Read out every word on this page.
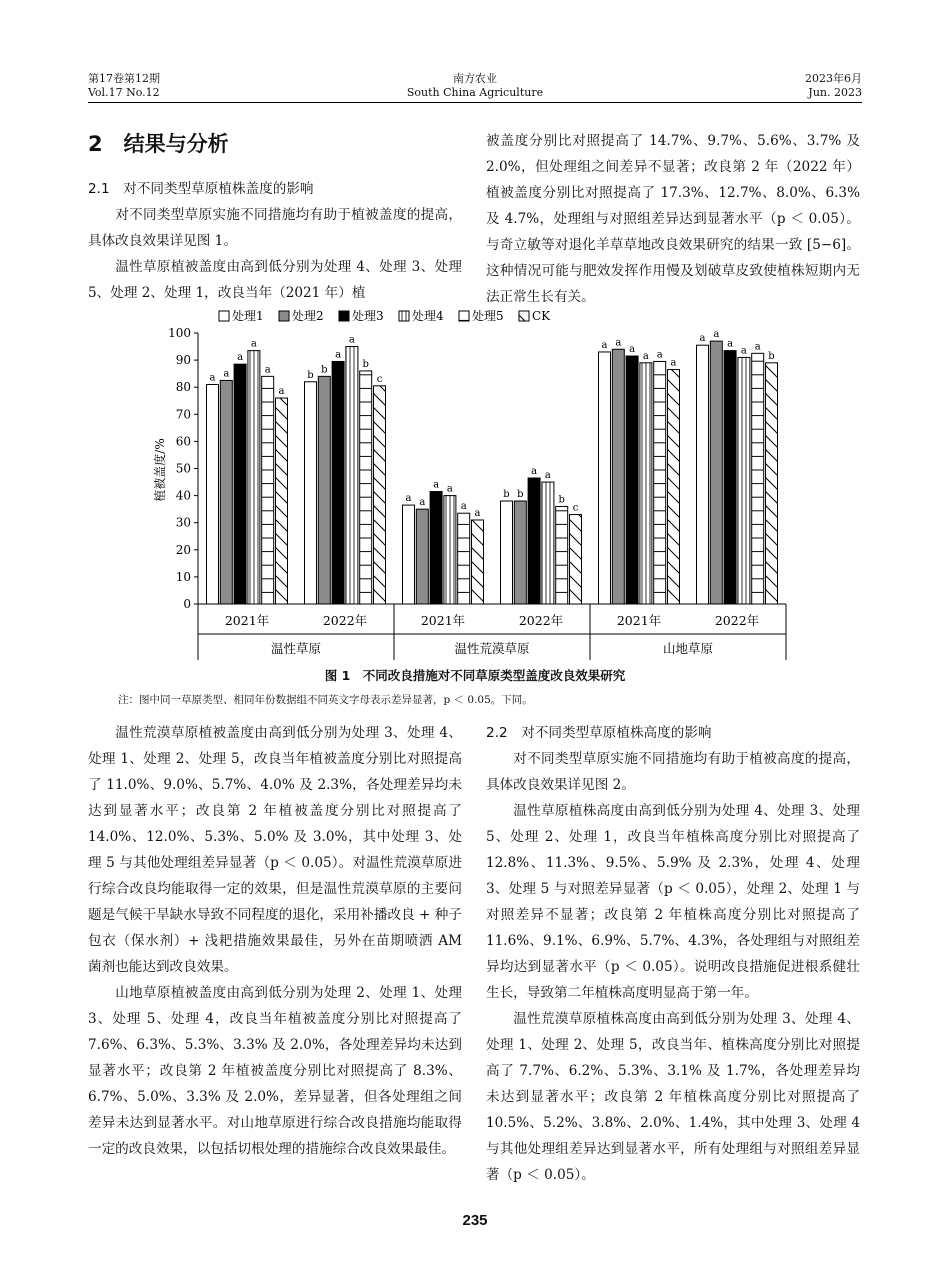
第17卷第12期
Vol.17 No.12
南方农业
South China Agriculture
2023年6月
Jun. 2023
2　结果与分析

2.1　对不同类型草原植株盖度的影响

对不同类型草原实施不同措施均有助于植被盖度的提高，具体改良效果详见图 1。

温性草原植被盖度由高到低分别为处理 4、处理 3、处理 5、处理 2、处理 1，改良当年（2021 年）植

被盖度分别比对照提高了 14.7%、9.7%、5.6%、3.7% 及 2.0%，但处理组之间差异不显著；改良第 2 年（2022 年）植被盖度分别比对照提高了 17.3%、12.7%、8.0%、6.3% 及 4.7%，处理组与对照组差异达到显著水平（p ＜ 0.05）。与奇立敏等对退化羊草草地改良效果研究的结果一致 [5−6]。这种情况可能与肥效发挥作用慢及划破草皮致使植株短期内无法正常生长有关。

处理1 处理2 处理3 处理4 处理5 CK
植被盖度/%
0
10
20
30
40
50
60
70
80
90
100
a a
a
a
a
a
b b
a
a
b
c
a a
a a
a
a
b b
a a
b
c
a a
a
a a
a
a a
a
a a
b
2021年	2022年	2021年	2022年	2021年	2022年
温性草原	温性荒漠草原	山地草原
图 1　不同改良措施对不同草原类型盖度改良效果研究
注：图中同一草原类型、相同年份数据组不同英文字母表示差异显著，p ＜ 0.05。下同。

温性荒漠草原植被盖度由高到低分别为处理 3、处理 4、处理 1、处理 2、处理 5，改良当年植被盖度分别比对照提高了 11.0%、9.0%、5.7%、4.0% 及 2.3%，各处理差异均未达到显著水平；改良第 2 年植被盖度分别比对照提高了 14.0%、12.0%、5.3%、5.0% 及 3.0%，其中处理 3、处理 5 与其他处理组差异显著（p ＜ 0.05）。对温性荒漠草原进行综合改良均能取得一定的效果，但是温性荒漠草原的主要问题是气候干旱缺水导致不同程度的退化，采用补播改良 + 种子包衣（保水剂）+ 浅耙措施效果最佳，另外在苗期喷洒 AM 菌剂也能达到改良效果。

山地草原植被盖度由高到低分别为处理 2、处理 1、处理 3、处理 5、处理 4，改良当年植被盖度分别比对照提高了 7.6%、6.3%、5.3%、3.3% 及 2.0%，各处理差异均未达到显著水平；改良第 2 年植被盖度分别比对照提高了 8.3%、6.7%、5.0%、3.3% 及 2.0%，差异显著，但各处理组之间差异未达到显著水平。对山地草原进行综合改良措施均能取得一定的改良效果，以包括切根处理的措施综合改良效果最佳。

2.2　对不同类型草原植株高度的影响

对不同类型草原实施不同措施均有助于植被高度的提高，具体改良效果详见图 2。

温性草原植株高度由高到低分别为处理 4、处理 3、处理 5、处理 2、处理 1，改良当年植株高度分别比对照提高了 12.8%、11.3%、9.5%、5.9% 及 2.3%，处理 4、处理 3、处理 5 与对照差异显著（p ＜ 0.05），处理 2、处理 1 与对照差异不显著；改良第 2 年植株高度分别比对照提高了 11.6%、9.1%、6.9%、5.7%、4.3%，各处理组与对照组差异均达到显著水平（p ＜ 0.05）。说明改良措施促进根系健壮生长，导致第二年植株高度明显高于第一年。

温性荒漠草原植株高度由高到低分别为处理 3、处理 4、处理 1、处理 2、处理 5，改良当年、植株高度分别比对照提高了 7.7%、6.2%、5.3%、3.1% 及 1.7%，各处理差异均未达到显著水平；改良第 2 年植株高度分别比对照提高了 10.5%、5.2%、3.8%、2.0%、1.4%，其中处理 3、处理 4 与其他处理组差异达到显著水平，所有处理组与对照组差异显著（p ＜ 0.05）。

235
